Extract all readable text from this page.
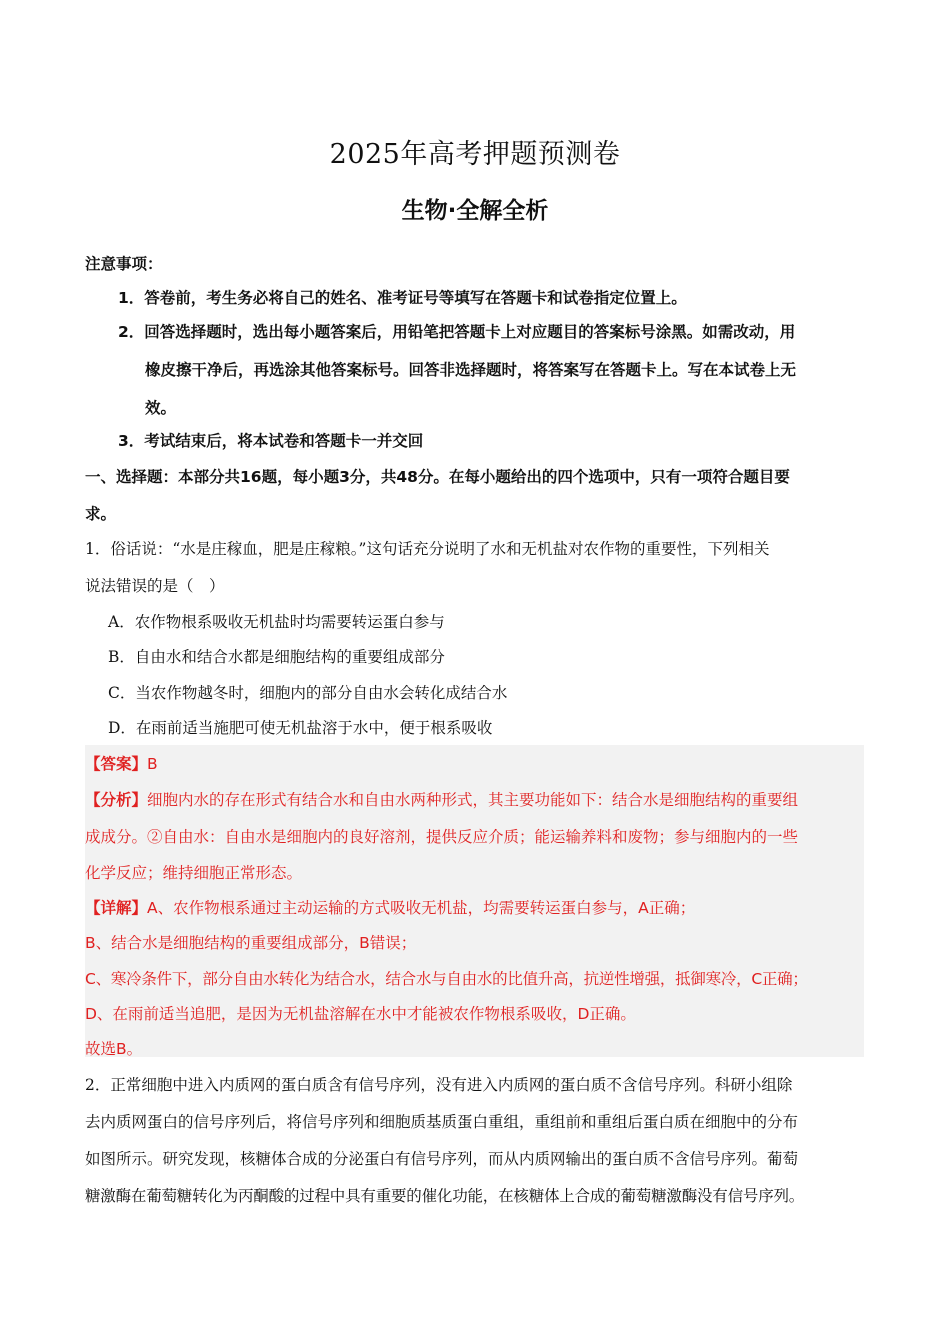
2025年高考押题预测卷
生物·全解全析
注意事项：
1．答卷前，考生务必将自己的姓名、准考证号等填写在答题卡和试卷指定位置上。
2．回答选择题时，选出每小题答案后，用铅笔把答题卡上对应题目的答案标号涂黑。如需改动，用
橡皮擦干净后，再选涂其他答案标号。回答非选择题时，将答案写在答题卡上。写在本试卷上无
效。
3．考试结束后，将本试卷和答题卡一并交回
一、选择题：本部分共16题，每小题3分，共48分。在每小题给出的四个选项中，只有一项符合题目要
求。
1．俗话说：“水是庄稼血，肥是庄稼粮。”这句话充分说明了水和无机盐对农作物的重要性，下列相关
说法错误的是（　）
A．农作物根系吸收无机盐时均需要转运蛋白参与
B．自由水和结合水都是细胞结构的重要组成部分
C．当农作物越冬时，细胞内的部分自由水会转化成结合水
D．在雨前适当施肥可使无机盐溶于水中，便于根系吸收
【答案】B
【分析】细胞内水的存在形式有结合水和自由水两种形式，其主要功能如下：结合水是细胞结构的重要组
成成分。②自由水：自由水是细胞内的良好溶剂，提供反应介质；能运输养料和废物；参与细胞内的一些
化学反应；维持细胞正常形态。
【详解】A、农作物根系通过主动运输的方式吸收无机盐，均需要转运蛋白参与，A正确；
B、结合水是细胞结构的重要组成部分，B错误；
C、寒冷条件下，部分自由水转化为结合水，结合水与自由水的比值升高，抗逆性增强，抵御寒冷，C正确；
D、在雨前适当追肥，是因为无机盐溶解在水中才能被农作物根系吸收，D正确。
故选B。
2．正常细胞中进入内质网的蛋白质含有信号序列，没有进入内质网的蛋白质不含信号序列。科研小组除
去内质网蛋白的信号序列后，将信号序列和细胞质基质蛋白重组，重组前和重组后蛋白质在细胞中的分布
如图所示。研究发现，核糖体合成的分泌蛋白有信号序列，而从内质网输出的蛋白质不含信号序列。葡萄
糖激酶在葡萄糖转化为丙酮酸的过程中具有重要的催化功能，在核糖体上合成的葡萄糖激酶没有信号序列。
